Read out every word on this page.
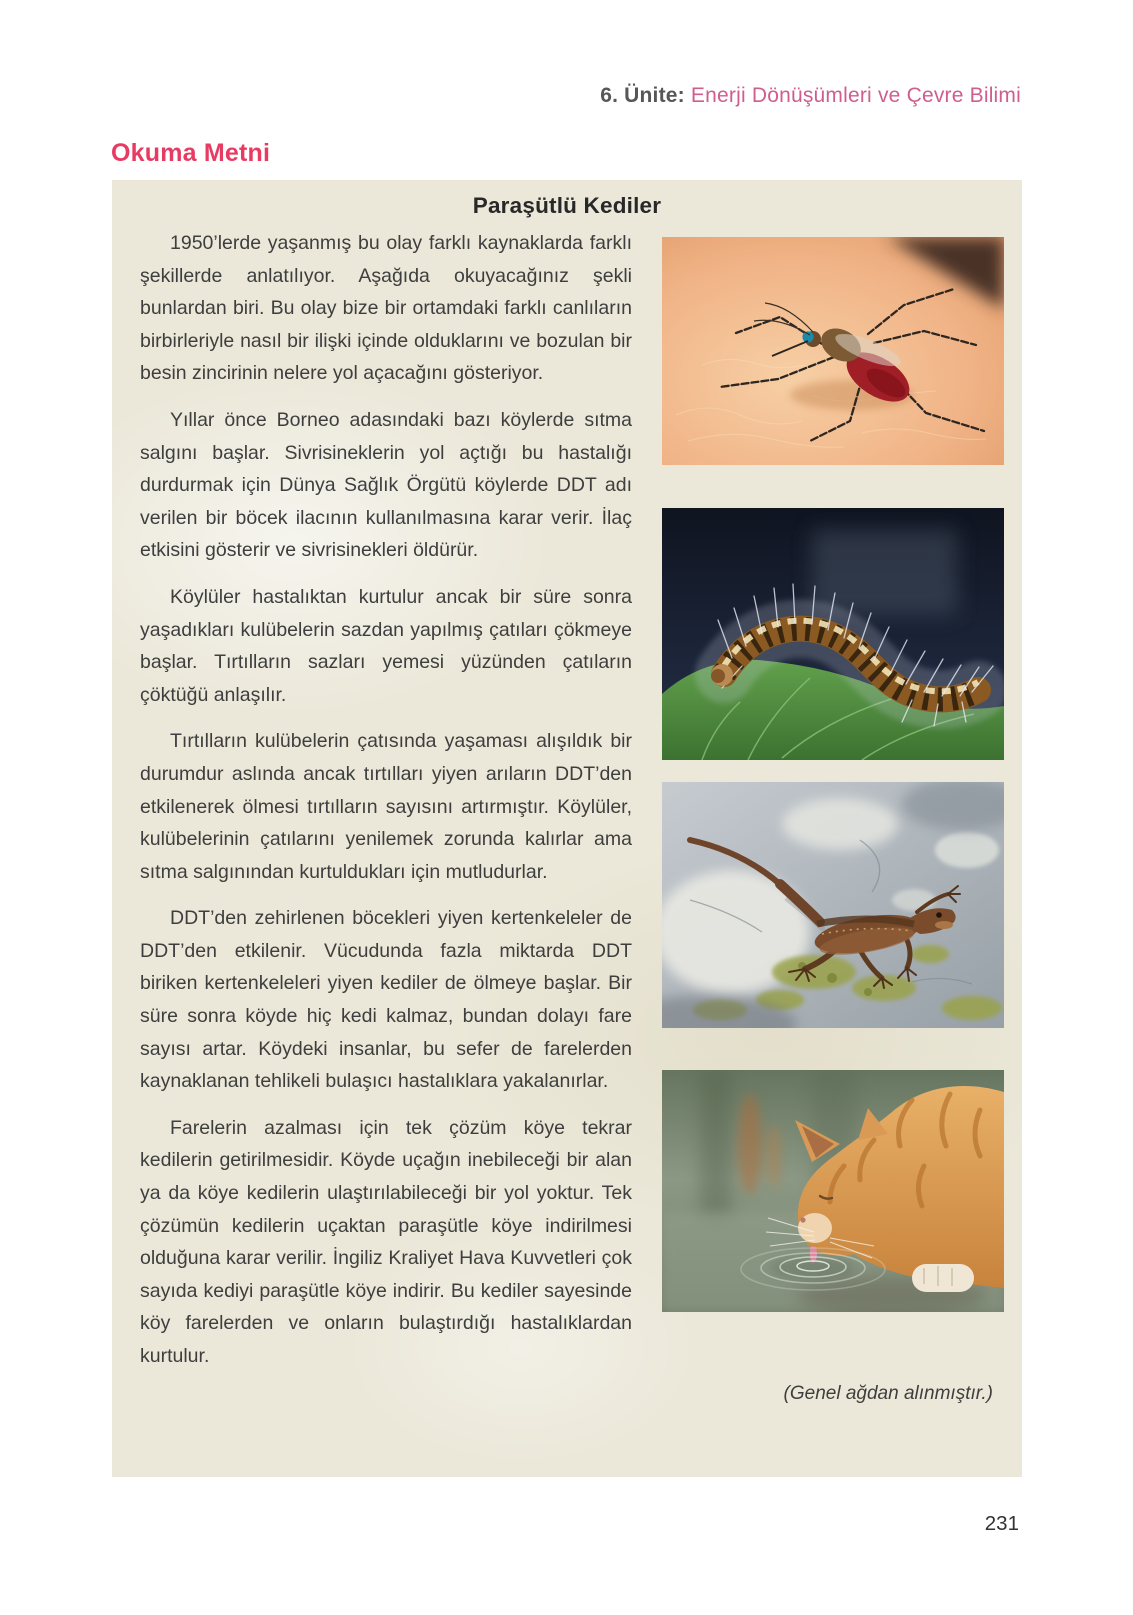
6. Ünite: Enerji Dönüşümleri ve Çevre Bilimi
Okuma Metni
Paraşütlü Kediler

1950’lerde yaşanmış bu olay farklı kaynaklarda farklı şekillerde anlatılıyor. Aşağıda okuyacağınız şekli bunlardan biri. Bu olay bize bir ortamdaki farklı canlıların birbirleriyle nasıl bir ilişki içinde olduklarını ve bozulan bir besin zincirinin nelere yol açacağını gösteriyor.

Yıllar önce Borneo adasındaki bazı köylerde sıtma salgını başlar. Sivrisineklerin yol açtığı bu hastalığı durdurmak için Dünya Sağlık Örgütü köylerde DDT adı verilen bir böcek ilacının kullanılmasına karar verir. İlaç etkisini gösterir ve sivrisinekleri öldürür.

Köylüler hastalıktan kurtulur ancak bir süre sonra yaşadıkları kulübelerin sazdan yapılmış çatıları çökmeye başlar. Tırtılların sazları yemesi yüzünden çatıların çöktüğü anlaşılır.

Tırtılların kulübelerin çatısında yaşaması alışıldık bir durumdur aslında ancak tırtılları yiyen arıların DDT’den etkilenerek ölmesi tırtılların sayısını artırmıştır. Köylüler, kulübelerinin çatılarını yenilemek zorunda kalırlar ama sıtma salgınından kurtuldukları için mutludurlar.

DDT’den zehirlenen böcekleri yiyen kertenkeleler de DDT’den etkilenir. Vücudunda fazla miktarda DDT biriken kertenkeleleri yiyen kediler de ölmeye başlar. Bir süre sonra köyde hiç kedi kalmaz, bundan dolayı fare sayısı artar. Köydeki insanlar, bu sefer de farelerden kaynaklanan tehlikeli bulaşıcı hastalıklara yakalanırlar.

Farelerin azalması için tek çözüm köye tekrar kedilerin getirilmesidir. Köyde uçağın inebileceği bir alan ya da köye kedilerin ulaştırılabileceği bir yol yoktur. Tek çözümün kedilerin uçaktan paraşütle köye indirilmesi olduğuna karar verilir. İngiliz Kraliyet Hava Kuvvetleri çok sayıda kediyi paraşütle köye indirir. Bu kediler sayesinde köy farelerden ve onların bulaştırdığı hastalıklardan kurtulur.

(Genel ağdan alınmıştır.)
231
